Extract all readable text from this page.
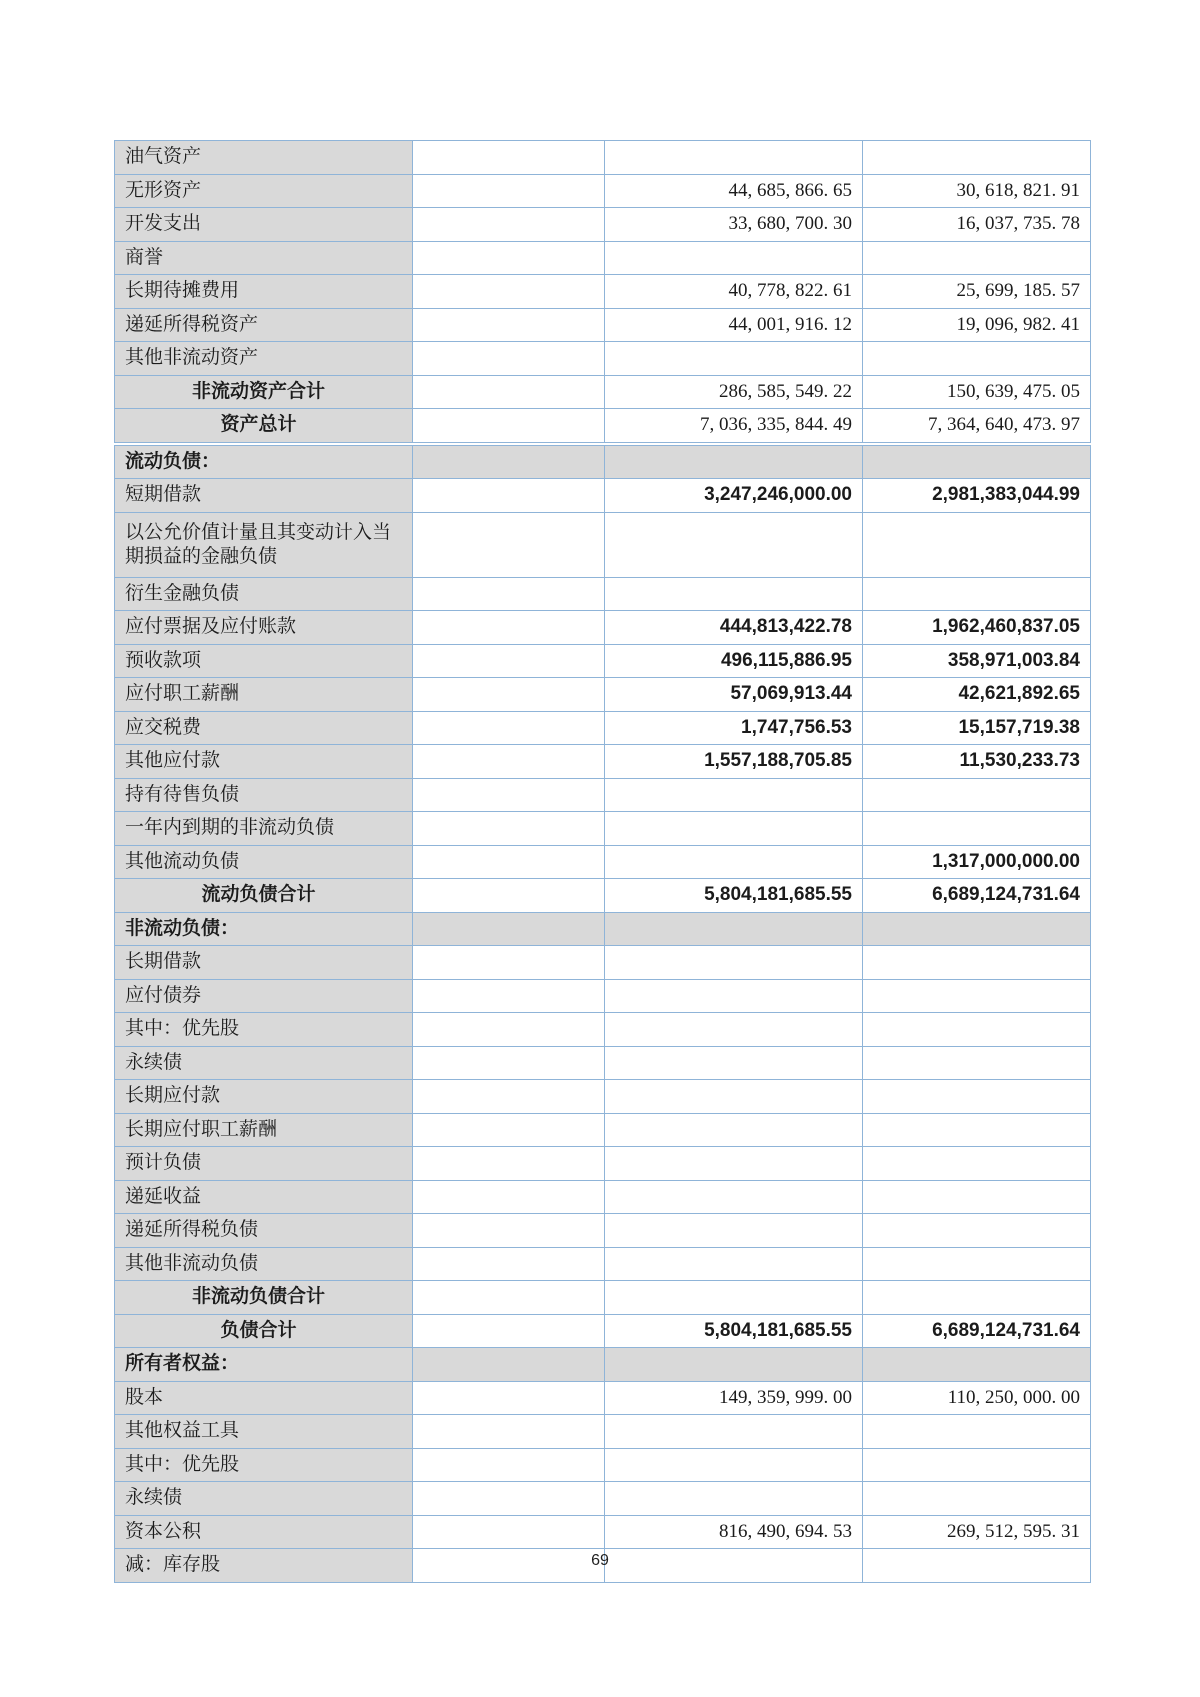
油气资产			
无形资产		44, 685, 866. 65	30, 618, 821. 91
开发支出		33, 680, 700. 30	16, 037, 735. 78
商誉			
长期待摊费用		40, 778, 822. 61	25, 699, 185. 57
递延所得税资产		44, 001, 916. 12	19, 096, 982. 41
其他非流动资产			
非流动资产合计		286, 585, 549. 22	150, 639, 475. 05
资产总计		7, 036, 335, 844. 49	7, 364, 640, 473. 97
流动负债：			
短期借款		3,247,246,000.00	2,981,383,044.99
以公允价值计量且其变动计入当期损益的金融负债			
衍生金融负债			
应付票据及应付账款		444,813,422.78	1,962,460,837.05
预收款项		496,115,886.95	358,971,003.84
应付职工薪酬		57,069,913.44	42,621,892.65
应交税费		1,747,756.53	15,157,719.38
其他应付款		1,557,188,705.85	11,530,233.73
持有待售负债			
一年内到期的非流动负债			
其他流动负债			1,317,000,000.00
流动负债合计		5,804,181,685.55	6,689,124,731.64
非流动负债：			
长期借款			
应付债券			
其中：优先股			
永续债			
长期应付款			
长期应付职工薪酬			
预计负债			
递延收益			
递延所得税负债			
其他非流动负债			
非流动负债合计			
负债合计		5,804,181,685.55	6,689,124,731.64
所有者权益：			
股本		149, 359, 999. 00	110, 250, 000. 00
其他权益工具			
其中：优先股			
永续债			
资本公积		816, 490, 694. 53	269, 512, 595. 31
减：库存股				69
